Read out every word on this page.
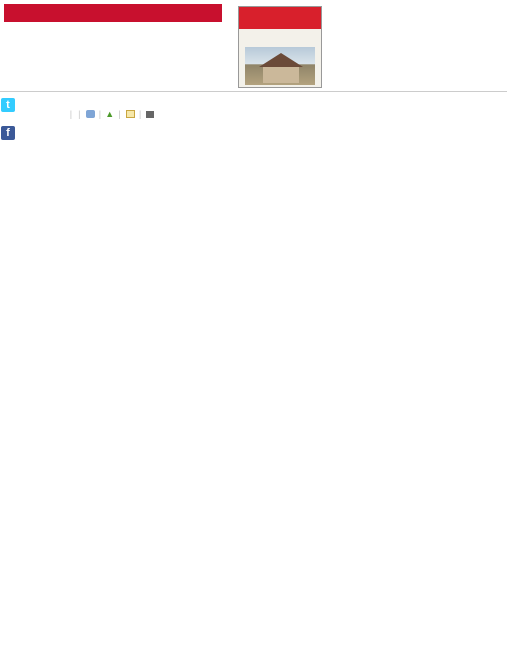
t
f
| | | ▲ | |
